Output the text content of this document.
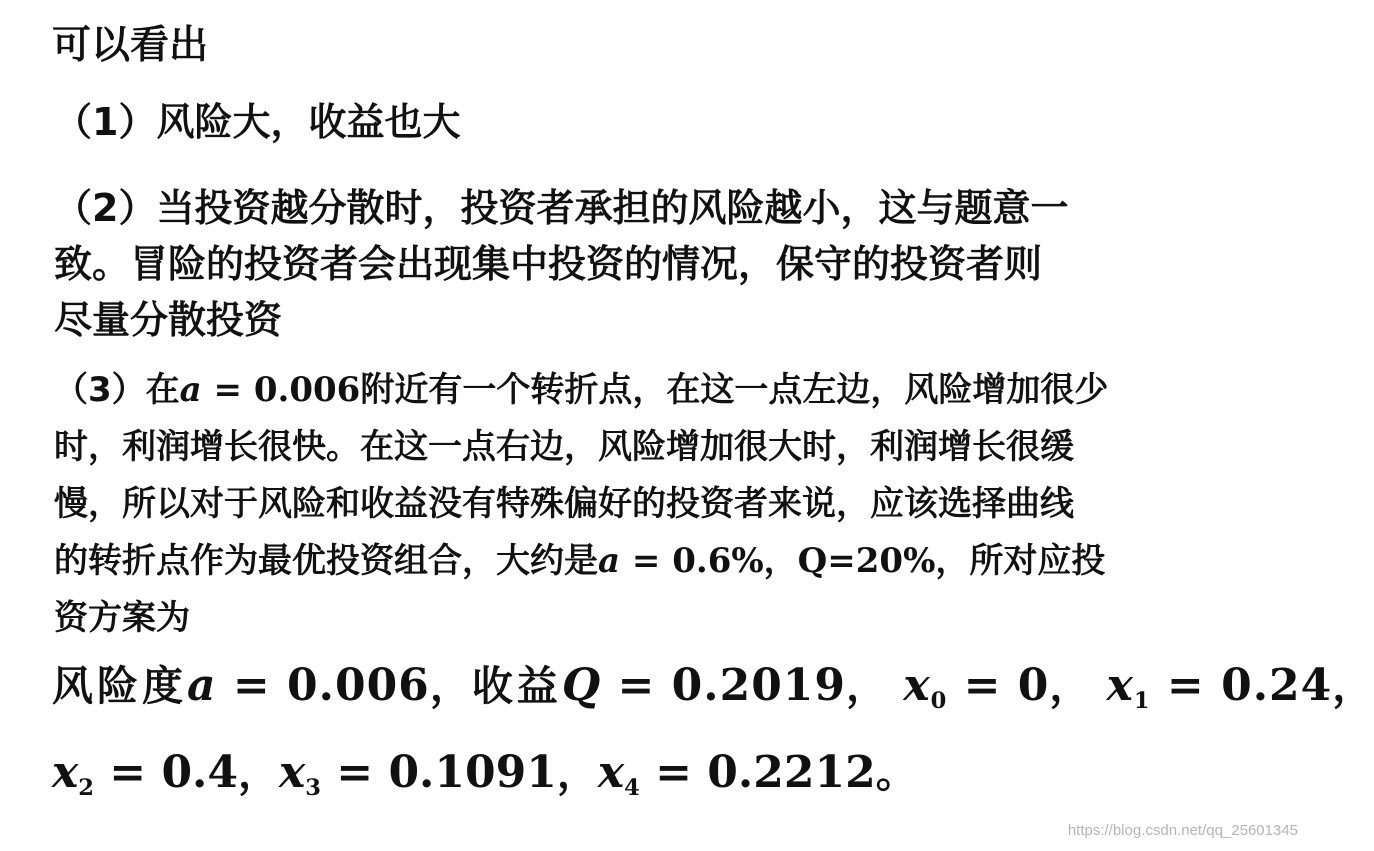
可以看出
（1）风险大，收益也大
（2）当投资越分散时，投资者承担的风险越小，这与题意一
致。冒险的投资者会出现集中投资的情况，保守的投资者则
尽量分散投资
（3）在a = 0.006附近有一个转折点，在这一点左边，风险增加很少
时，利润增长很快。在这一点右边，风险增加很大时，利润增长很缓
慢，所以对于风险和收益没有特殊偏好的投资者来说，应该选择曲线
的转折点作为最优投资组合，大约是a = 0.6%，Q=20%，所对应投
资方案为
风险度a = 0.006，收益Q = 0.2019， $x_0 = 0$， $x_1 = 0.24$，
$x_2 = 0.4$，$x_3 = 0.1091$，$x_4 = 0.2212$。
https://blog.csdn.net/qq_25601345
